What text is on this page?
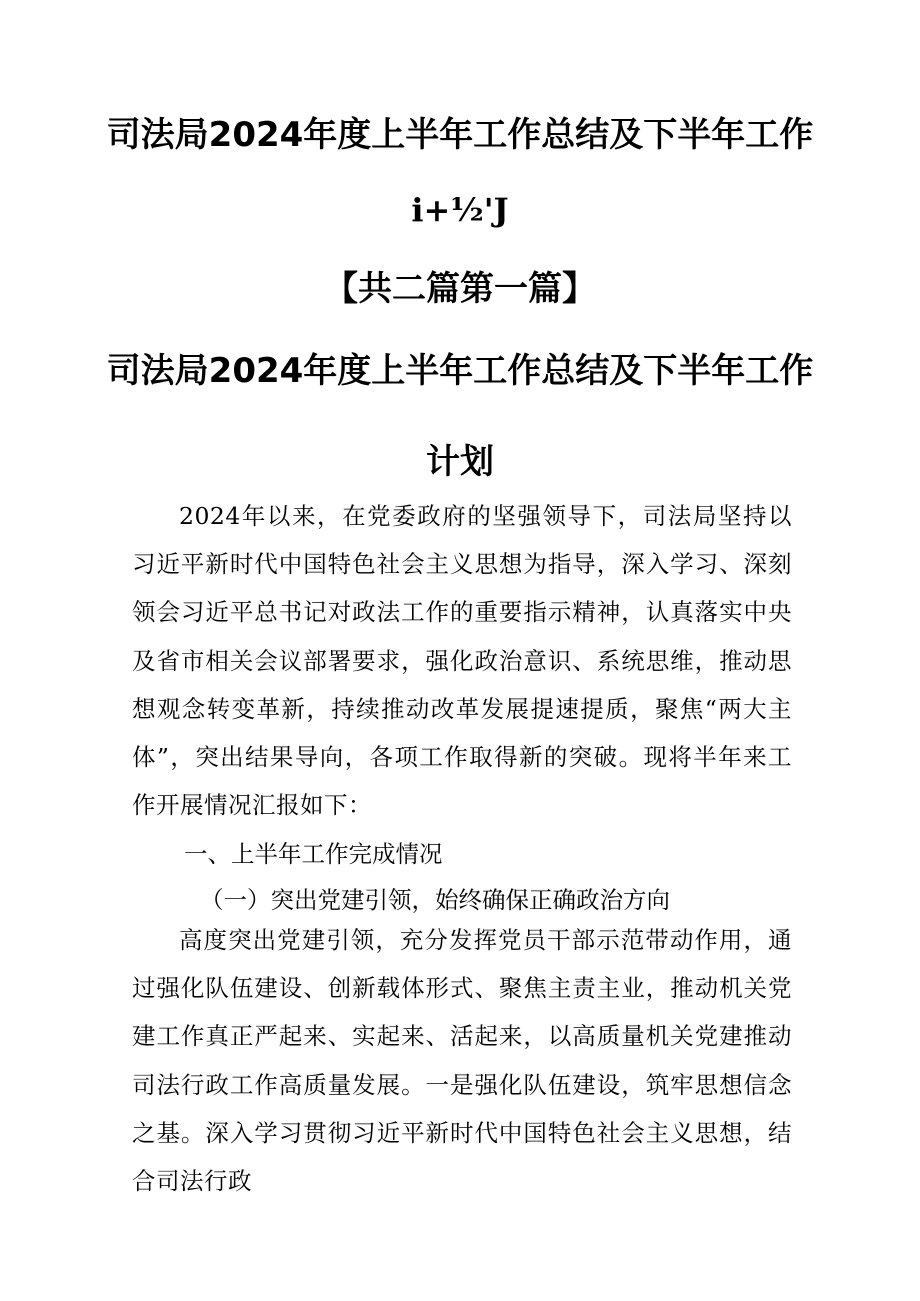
司法局2024年度上半年工作总结及下半年工作
i+½'J
【共二篇第一篇】
司法局2024年度上半年工作总结及下半年工作
计划

2024年以来，在党委政府的坚强领导下，司法局坚持以习近平新时代中国特色社会主义思想为指导，深入学习、深刻领会习近平总书记对政法工作的重要指示精神，认真落实中央及省市相关会议部署要求，强化政治意识、系统思维，推动思想观念转变革新，持续推动改革发展提速提质，聚焦“两大主体”，突出结果导向，各项工作取得新的突破。现将半年来工作开展情况汇报如下：

一、上半年工作完成情况
（一）突出党建引领，始终确保正确政治方向

高度突出党建引领，充分发挥党员干部示范带动作用，通过强化队伍建设、创新载体形式、聚焦主责主业，推动机关党建工作真正严起来、实起来、活起来，以高质量机关党建推动司法行政工作高质量发展。一是强化队伍建设，筑牢思想信念之基。深入学习贯彻习近平新时代中国特色社会主义思想，结合司法行政
